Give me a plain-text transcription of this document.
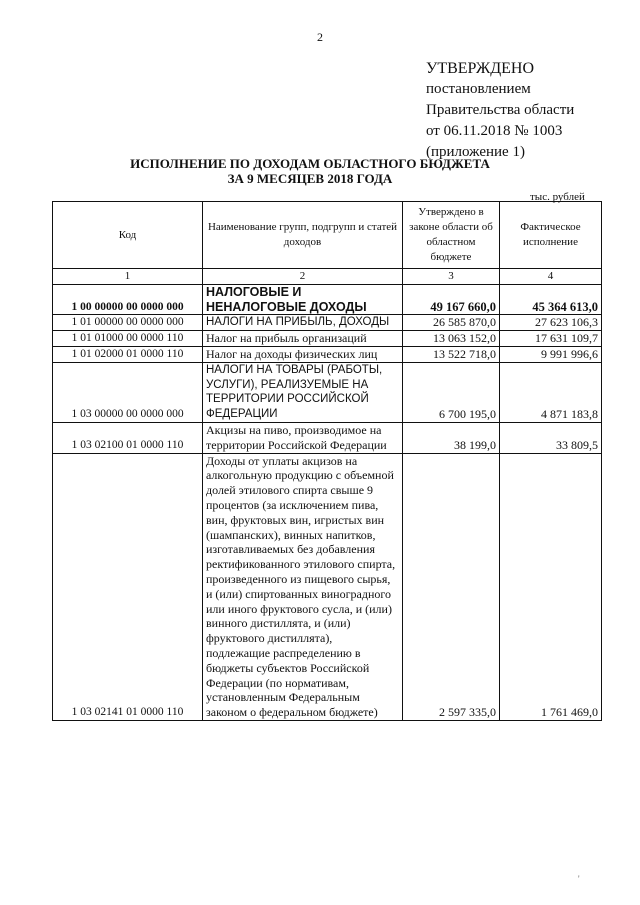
2
УТВЕРЖДЕНО
постановлением
Правительства области
от 06.11.2018 № 1003
(приложение 1)
ИСПОЛНЕНИЕ ПО ДОХОДАМ ОБЛАСТНОГО БЮДЖЕТА
ЗА 9 МЕСЯЦЕВ 2018 ГОДА
тыс. рублей
Код	Наименование групп, подгрупп и статей доходов	Утверждено в законе области об областном бюджете	Фактическое исполнение
1	2	3	4
1 00 00000 00 0000 000	НАЛОГОВЫЕ И НЕНАЛОГОВЫЕ ДОХОДЫ	49 167 660,0	45 364 613,0
1 01 00000 00 0000 000	НАЛОГИ НА ПРИБЫЛЬ, ДОХОДЫ	26 585 870,0	27 623 106,3
1 01 01000 00 0000 110	Налог на прибыль организаций	13 063 152,0	17 631 109,7
1 01 02000 01 0000 110	Налог на доходы физических лиц	13 522 718,0	9 991 996,6
1 03 00000 00 0000 000	НАЛОГИ НА ТОВАРЫ (РАБОТЫ, УСЛУГИ), РЕАЛИЗУЕМЫЕ НА ТЕРРИТОРИИ РОССИЙСКОЙ ФЕДЕРАЦИИ	6 700 195,0	4 871 183,8
1 03 02100 01 0000 110	Акцизы на пиво, производимое на территории Российской Федерации	38 199,0	33 809,5
1 03 02141 01 0000 110	Доходы от уплаты акцизов на алкогольную продукцию с объемной долей этилового спирта свыше 9 процентов (за исключением пива, вин, фруктовых вин, игристых вин (шампанских), винных напитков, изготавливаемых без добавления ректификованного этилового спирта, произведенного из пищевого сырья, и (или) спиртованных виноградного или иного фруктового сусла, и (или) винного дистиллята, и (или) фруктового дистиллята), подлежащие распределению в бюджеты субъектов Российской Федерации (по нормативам, установленным Федеральным законом о федеральном бюджете)	2 597 335,0	1 761 469,0
'
